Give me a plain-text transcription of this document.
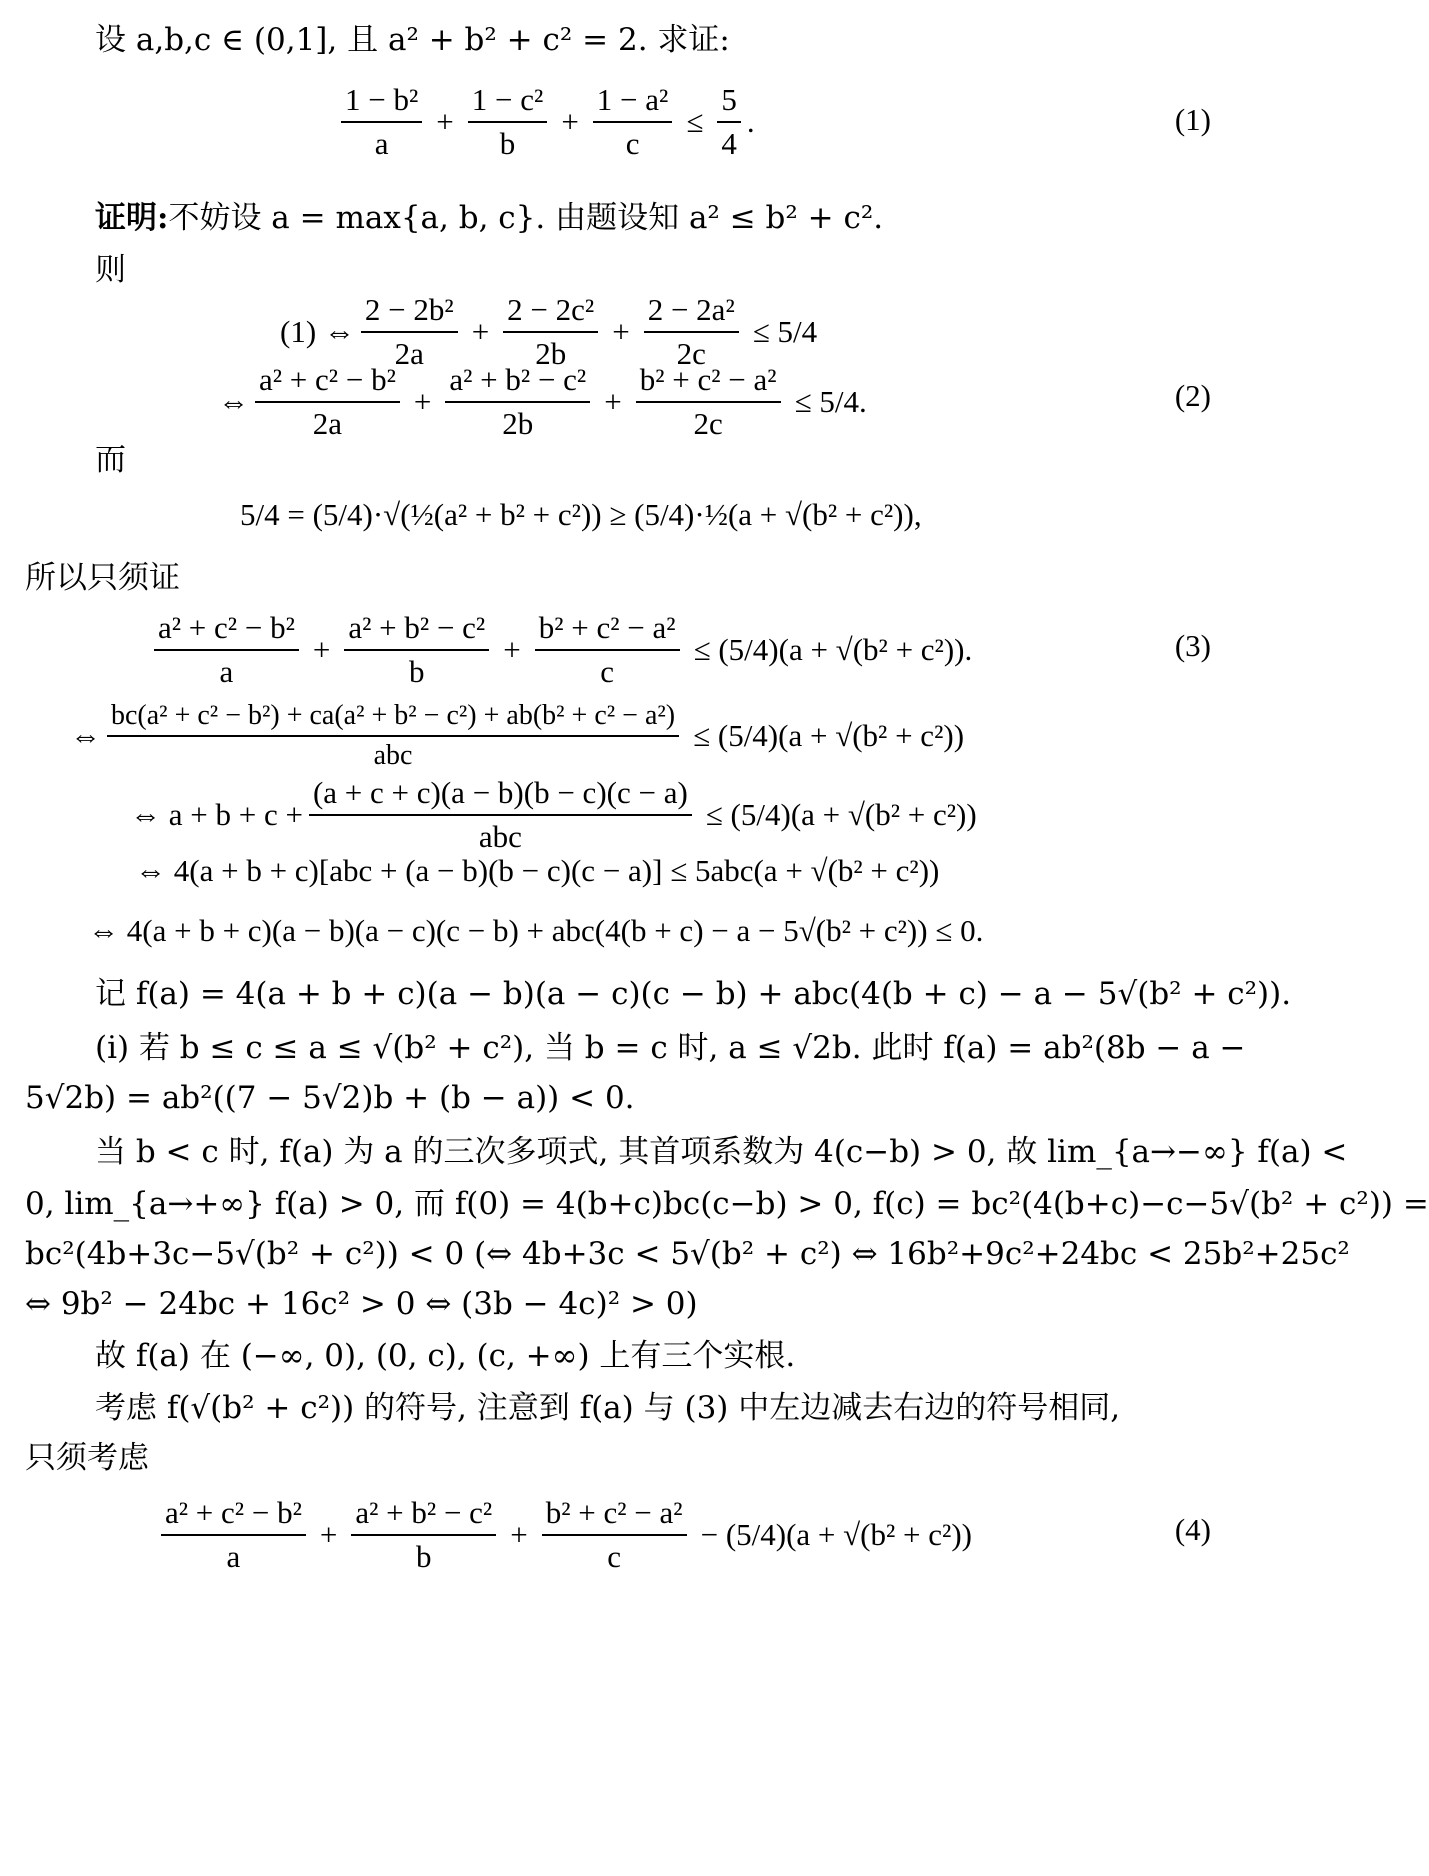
设 a,b,c ∈ (0,1], 且 a² + b² + c² = 2. 求证:
$\frac{\text{1 − b²}}{a} + \frac{\text{1 − c²}}{b} + \frac{\text{1 − a²}}{c} \le \frac{5}{4}$ .	(1)
证明:不妨设 a = max{a, b, c}. 由题设知 a² ≤ b² + c².
则
(1) ⇔ $\frac{\text{2 − 2b²}}{2a} + \frac{\text{2 − 2c²}}{2b} + \frac{\text{2 − 2a²}}{2c} \le 5/4$
⇔ $\frac{\text{a² + c² − b²}}{2a} + \frac{\text{a² + b² − c²}}{2b} + \frac{\text{b² + c² − a²}}{2c} \le 5/4$.	(2)
而
5/4 = (5/4)·√(½(a² + b² + c²)) ≥ (5/4)·½(a + √(b² + c²)),
所以只须证
$\frac{\text{a² + c² − b²}}{a} + \frac{\text{a² + b² − c²}}{b} + \frac{\text{b² + c² − a²}}{c} \le (5/4)(a + √(b^2 + c^2))$.	(3)
⇔ $\frac{\text{bc(a² + c² − b²) + ca(a² + b² − c²) + ab(b² + c² − a²)}}{\text{abc}} \le (5/4)(a + √(b^2 + c^2))$
⇔ $a + b + c + \frac{(a + c + c)(a - b)(b - c)(c - a)}{\text{abc}} \le (5/4)(a + √(b^2 + c^2))$
⇔ 4(a + b + c)[abc + (a − b)(b − c)(c − a)] ≤ 5abc(a + √(b² + c²))
⇔ 4(a + b + c)(a − b)(a − c)(c − b) + abc(4(b + c) − a − 5√(b² + c²)) ≤ 0.
记 f(a) = 4(a + b + c)(a − b)(a − c)(c − b) + abc(4(b + c) − a − 5√(b² + c²)).
(i) 若 b ≤ c ≤ a ≤ √(b² + c²), 当 b = c 时, a ≤ √2b. 此时 f(a) = ab²(8b − a −
5√2b) = ab²((7 − 5√2)b + (b − a)) < 0.
当 b < c 时, f(a) 为 a 的三次多项式, 其首项系数为 4(c−b) > 0, 故 lim_{a→−∞} f(a) <
0, lim_{a→+∞} f(a) > 0, 而 f(0) = 4(b+c)bc(c−b) > 0, f(c) = bc²(4(b+c)−c−5√(b² + c²)) =
bc²(4b+3c−5√(b² + c²)) < 0 (⇔ 4b+3c < 5√(b² + c²) ⇔ 16b²+9c²+24bc < 25b²+25c²
⇔ 9b² − 24bc + 16c² > 0 ⇔ (3b − 4c)² > 0)
故 f(a) 在 (−∞, 0), (0, c), (c, +∞) 上有三个实根.
考虑 f(√(b² + c²)) 的符号, 注意到 f(a) 与 (3) 中左边减去右边的符号相同,
只须考虑
$\frac{\text{a² + c² − b²}}{a} + \frac{\text{a² + b² − c²}}{b} + \frac{\text{b² + c² − a²}}{c} - (5/4)(a + √(b^2 + c^2))$	(4)
